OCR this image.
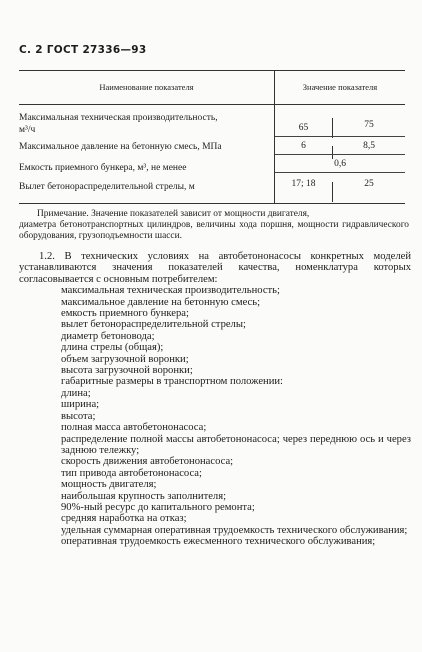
С. 2 ГОСТ 27336—93
Наименование показателя	Значение показателя
Максимальная техническая производительность,
м³/ч	65	75
Максимальное давление на бетонную смесь, МПа	6	8,5
Емкость приемного бункера, м³, не менее	0,6
Вылет бетонораспределительной стрелы, м	17; 18	25
Примечание. Значение показателей зависит от мощности двигателя,
диаметра бетонотранспортных цилиндров, величины хода поршня, мощности гидравлического оборудования, грузоподъемности шасси.
1.2. В технических условиях на автобетононасосы конкретных моделей устанавливаются значения показателей качества, номенклатура которых согласовывается с основным потребителем:
максимальная техническая производительность;
максимальное давление на бетонную смесь;
емкость приемного бункера;
вылет бетонораспределительной стрелы;
диаметр бетоновода;
длина стрелы (общая);
объем загрузочной воронки;
высота загрузочной воронки;
габаритные размеры в транспортном положении:
длина;
ширина;
высота;
полная масса автобетононасоса;
распределение полной массы автобетононасоса; через переднюю ось и через заднюю тележку;
скорость движения автобетононасоса;
тип привода автобетононасоса;
мощность двигателя;
наибольшая крупность заполнителя;
90%-ный ресурс до капитального ремонта;
средняя наработка на отказ;
удельная суммарная оперативная трудоемкость технического обслуживания;
оперативная трудоемкость ежесменного технического обслуживания;
